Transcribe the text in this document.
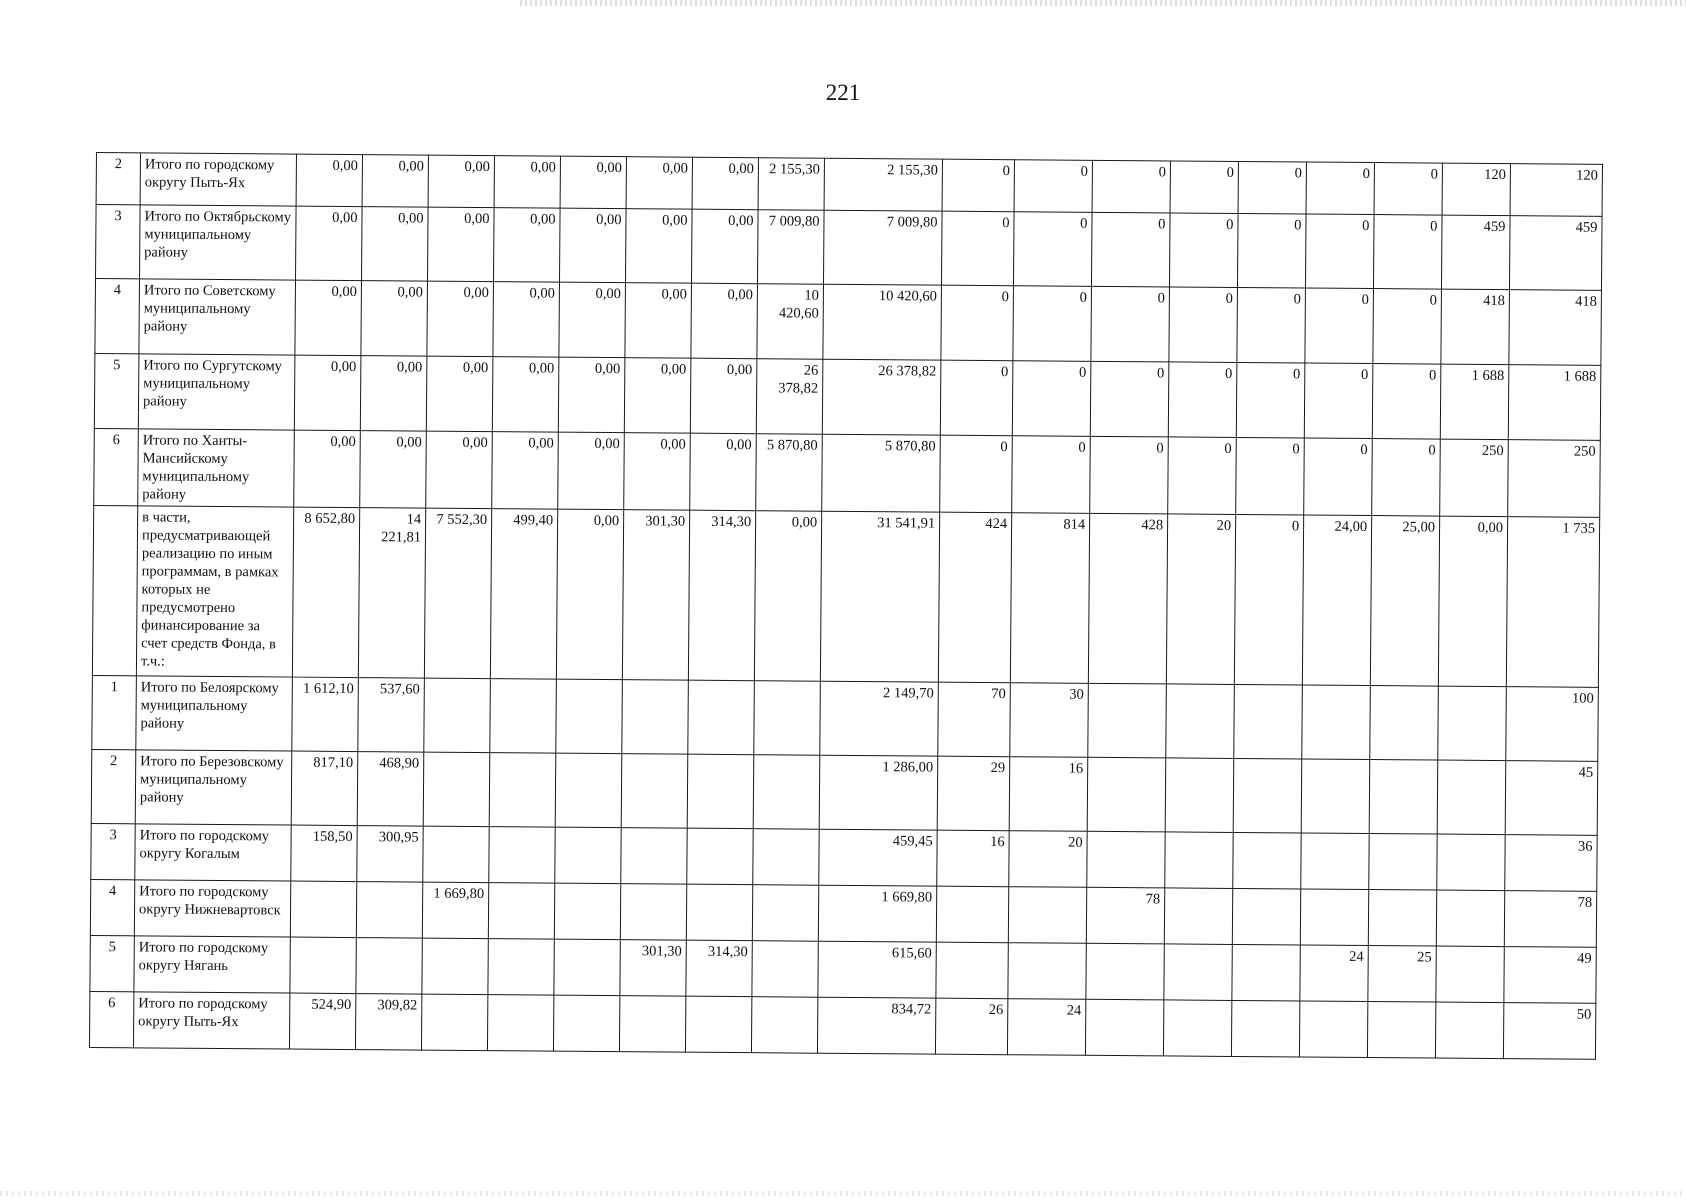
221
2	Итого по городскому округу Пыть-Ях	0,00	0,00	0,00	0,00	0,00	0,00	0,00	2 155,30	2 155,30	0	0	0	0	0	0	0	120	120
3	Итого по Октябрьскому муниципальному району	0,00	0,00	0,00	0,00	0,00	0,00	0,00	7 009,80	7 009,80	0	0	0	0	0	0	0	459	459
4	Итого по Советскому муниципальному району	0,00	0,00	0,00	0,00	0,00	0,00	0,00	10 420,60	10 420,60	0	0	0	0	0	0	0	418	418
5	Итого по Сургутскому муниципальному району	0,00	0,00	0,00	0,00	0,00	0,00	0,00	26 378,82	26 378,82	0	0	0	0	0	0	0	1 688	1 688
6	Итого по Ханты-Мансийскому муниципальному району	0,00	0,00	0,00	0,00	0,00	0,00	0,00	5 870,80	5 870,80	0	0	0	0	0	0	0	250	250
	в части, предусматривающей реализацию по иным программам, в рамках которых не предусмотрено финансирование за счет средств Фонда, в т.ч.:	8 652,80	14 221,81	7 552,30	499,40	0,00	301,30	314,30	0,00	31 541,91	424	814	428	20	0	24,00	25,00	0,00	1 735
1	Итого по Белоярскому муниципальному району	1 612,10	537,60							2 149,70	70	30							100
2	Итого по Березовскому муниципальному району	817,10	468,90							1 286,00	29	16							45
3	Итого по городскому округу Когалым	158,50	300,95							459,45	16	20							36
4	Итого по городскому округу Нижневартовск			1 669,80						1 669,80			78						78
5	Итого по городскому округу Нягань						301,30	314,30		615,60						24	25		49
6	Итого по городскому округу Пыть-Ях	524,90	309,82							834,72	26	24							50
